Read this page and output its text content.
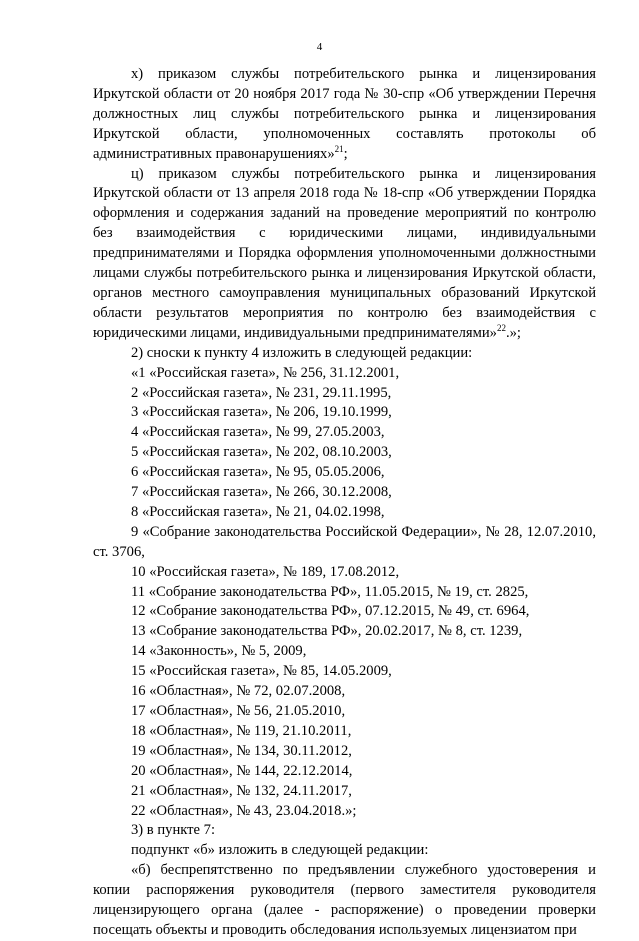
4

х) приказом службы потребительского рынка и лицензирования Иркутской области от 20 ноября 2017 года № 30-спр «Об утверждении Перечня должностных лиц службы потребительского рынка и лицензирования Иркутской области, уполномоченных составлять протоколы об административных правонарушениях»$^{21}$;

ц) приказом службы потребительского рынка и лицензирования Иркутской области от 13 апреля 2018 года № 18-спр «Об утверждении Порядка оформления и содержания заданий на проведение мероприятий по контролю без взаимодействия с юридическими лицами, индивидуальными предпринимателями и Порядка оформления уполномоченными должностными лицами службы потребительского рынка и лицензирования Иркутской области, органов местного самоуправления муниципальных образований Иркутской области результатов мероприятия по контролю без взаимодействия с юридическими лицами, индивидуальными предпринимателями»$^{22}$.»;

2) сноски к пункту 4 изложить в следующей редакции:

«1 «Российская газета», № 256, 31.12.2001,

2 «Российская газета», № 231, 29.11.1995,

3 «Российская газета», № 206, 19.10.1999,

4 «Российская газета», № 99, 27.05.2003,

5 «Российская газета», № 202, 08.10.2003,

6 «Российская газета», № 95, 05.05.2006,

7 «Российская газета», № 266, 30.12.2008,

8 «Российская газета», № 21, 04.02.1998,

9 «Собрание законодательства Российской Федерации», № 28, 12.07.2010, ст. 3706,

10 «Российская газета», № 189, 17.08.2012,

11 «Собрание законодательства РФ», 11.05.2015, № 19, ст. 2825,

12 «Собрание законодательства РФ», 07.12.2015, № 49, ст. 6964,

13 «Собрание законодательства РФ», 20.02.2017, № 8, ст. 1239,

14 «Законность», № 5, 2009,

15 «Российская газета», № 85, 14.05.2009,

16 «Областная», № 72, 02.07.2008,

17 «Областная», № 56, 21.05.2010,

18 «Областная», № 119, 21.10.2011,

19 «Областная», № 134, 30.11.2012,

20 «Областная», № 144, 22.12.2014,

21 «Областная», № 132, 24.11.2017,

22 «Областная», № 43, 23.04.2018.»;

3) в пункте 7:

подпункт «б» изложить в следующей редакции:

«б) беспрепятственно по предъявлении служебного удостоверения и копии распоряжения руководителя (первого заместителя руководителя лицензирующего органа (далее - распоряжение) о проведении проверки посещать объекты и проводить обследования используемых лицензиатом при
